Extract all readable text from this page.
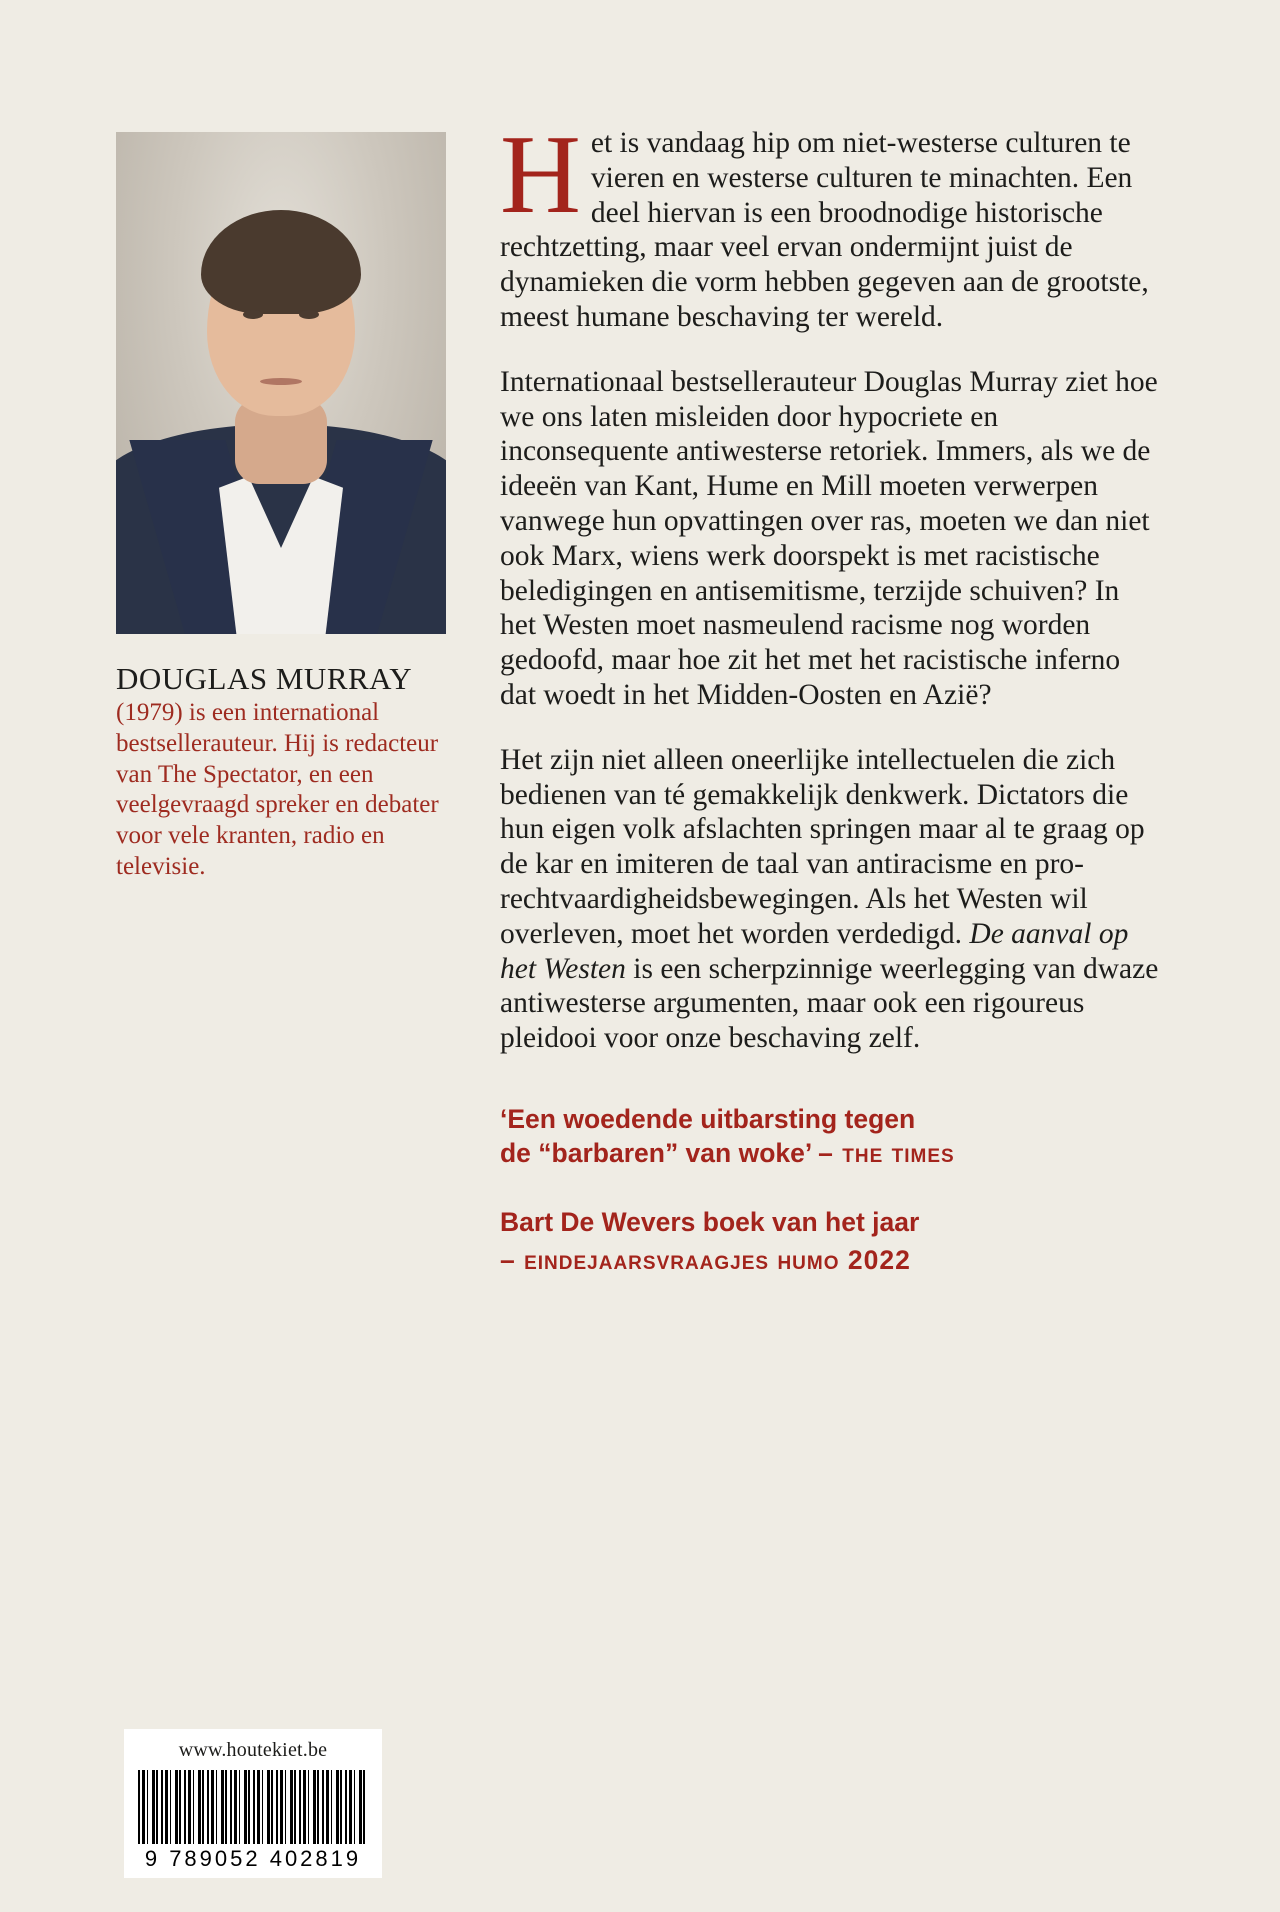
DOUGLAS MURRAY (1979) is een international bestsellerauteur. Hij is redacteur van The Spectator, en een veelgevraagd spreker en debater voor vele kranten, radio en televisie.
www.houtekiet.be
9 789052 402819

Het is vandaag hip om niet-westerse culturen te vieren en westerse culturen te minachten. Een deel hiervan is een broodnodige historische rechtzetting, maar veel ervan ondermijnt juist de dynamieken die vorm hebben gegeven aan de grootste, meest humane beschaving ter wereld.

Internationaal bestsellerauteur Douglas Murray ziet hoe we ons laten misleiden door hypocriete en inconsequente antiwesterse retoriek. Immers, als we de ideeën van Kant, Hume en Mill moeten verwerpen vanwege hun opvattingen over ras, moeten we dan niet ook Marx, wiens werk doorspekt is met racistische beledigingen en antisemitisme, terzijde schuiven? In het Westen moet nasmeulend racisme nog worden gedoofd, maar hoe zit het met het racistische inferno dat woedt in het Midden-Oosten en Azië?

Het zijn niet alleen oneerlijke intellectuelen die zich bedienen van té gemakkelijk denkwerk. Dictators die hun eigen volk afslachten springen maar al te graag op de kar en imiteren de taal van antiracisme en pro-rechtvaardigheidsbewegingen. Als het Westen wil overleven, moet het worden verdedigd. De aanval op het Westen is een scherpzinnige weerlegging van dwaze antiwesterse argumenten, maar ook een rigoureus pleidooi voor onze beschaving zelf.

‘Een woedende uitbarsting tegen
de “barbaren” van woke’ – the times
Bart De Wevers boek van het jaar
– eindejaarsvraagjes humo 2022
